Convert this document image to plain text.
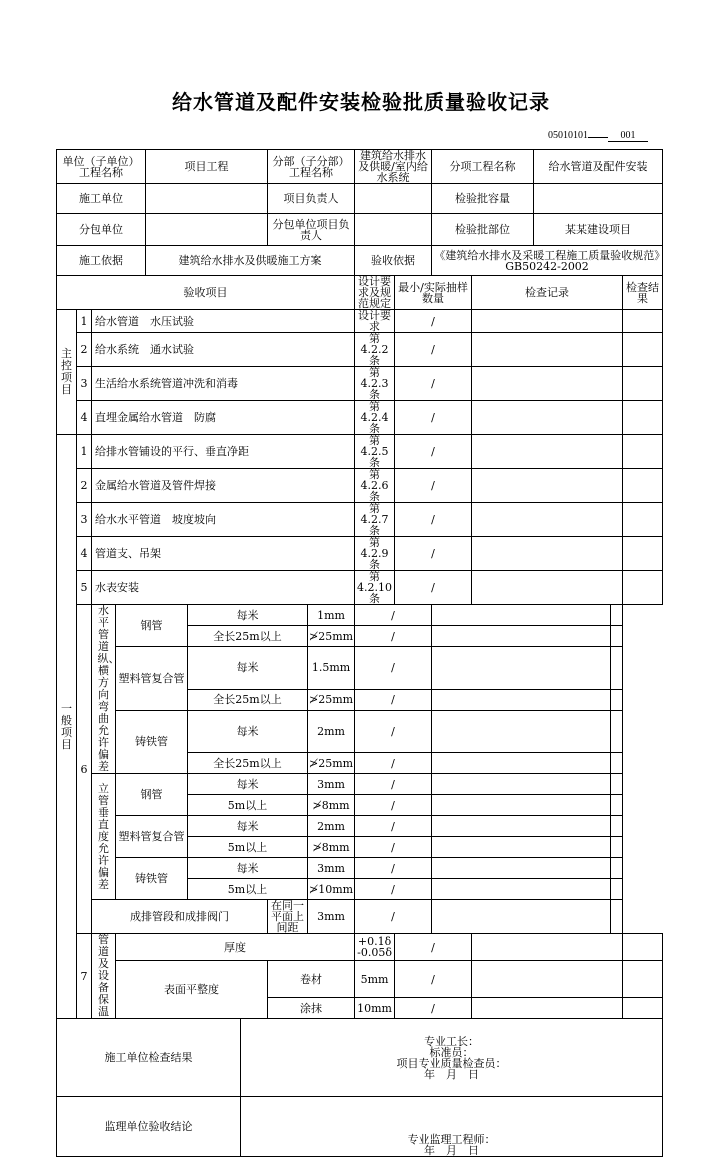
给水管道及配件安装检验批质量验收记录
05010101	001
单位（子单位）工程名称				项目工程			分部（子分部）工程名称		建筑给水排水及供暖/室内给水系统		分项工程名称		给水管道及配件安装		
施工单位							项目负责人				检验批容量				
分包单位							分包单位项目负责人				检验批部位		某某建设项目		
施工依据				建筑给水排水及供暖施工方案					验收依据		《建筑给水排水及采暖工程施工质量验收规范》GB50242-2002				
验收项目									设计要求及规范规定	最小/实际抽样数量		检查记录			检查结果
主控项目	1	给水管道　水压试验							设计要求	/					
	2	给水系统　通水试验							第4.2.2条	/					
	3	生活给水系统管道冲洗和消毒							第4.2.3条	/					
	4	直埋金属给水管道　防腐							第4.2.4条	/					
一般项目	1	给排水管铺设的平行、垂直净距							第4.2.5条	/					
	2	金属给水管道及管件焊接							第4.2.6条	/					
	3	给水水平管道　坡度坡向							第4.2.7条	/					
	4	管道支、吊架							第4.2.9条	/					
	5	水表安装							第4.2.10条	/					
	6	水平管道纵、横方向弯曲允许偏差	钢管		每米			1mm	/						
					全长25m以上			≯25mm	/						
			塑料管复合管		每米			1.5mm	/						
					全长25m以上			≯25mm	/						
			铸铁管		每米			2mm	/						
					全长25m以上			≯25mm	/						
		立管垂直度允许偏差	钢管		每米			3mm	/						
					5m以上			≯8mm	/						
			塑料管复合管		每米			2mm	/						
					5m以上			≯8mm	/						
			铸铁管		每米			3mm	/						
					5m以上			≯10mm	/						
		成排管段和成排阀门					在同一平面上间距	3mm	/						
	7	管道及设备保温	厚度						+0.1δ
-0.05δ	/					
			表面平整度				卷材		5mm	/					
							涂抹		10mm	/					
施工单位检查结果						专业工长：
标准员：
项目专业质量检查员：
年　月　日									

监理单位验收结论						专业监理工程师：
年　月　日									
